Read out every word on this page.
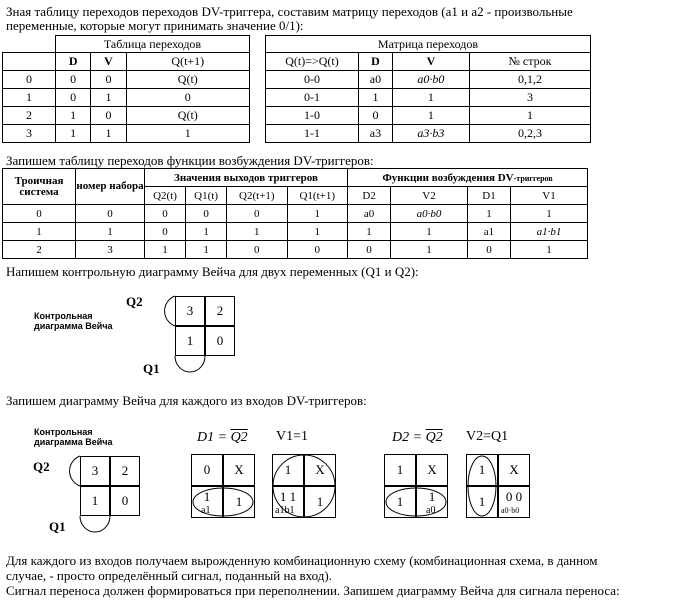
Зная таблицу переходов переходов DV-триггера, составим матрицу переходов (a1 и a2 - произвольные
переменные, которые могут принимать значение 0/1):
	Таблица переходов		
	D	V	Q(t+1)
0	0	0	Q(t)
1	0	1	0
2	1	0	Q(t)
3	1	1	1
Матрица переходов			
Q(t)=>Q(t)	D	V	№ строк
0-0	a0	a0·b0	0,1,2
0-1	1	1	3
1-0	0	1	1
1-1	a3	a3·b3	0,2,3
Запишем таблицу переходов функции возбуждения DV-триггеров:
Троичная система	номер набора	Значения выходов триггеров				Функции возбуждения DV-триггеров			
		Q2(t)	Q1(t)	Q2(t+1)	Q1(t+1)	D2	V2	D1	V1
0	0	0	0	0	1	a0	a0·b0	1	1
1	1	0	1	1	1	1	1	a1	a1·b1
2	3	1	1	0	0	0	1	0	1
Напишем контрольную диаграмму Вейча для двух переменных (Q1 и Q2):
Контрольная
диаграмма Вейча
Q2
Q1
3	2
1	0
Запишем диаграмму Вейча для каждого из входов DV-триггеров:
Контрольная
диаграмма Вейча
Q2
Q1
3	2
1	0
D1 = Q2
0	X
1	1
a1
V1=1
1	X
1 1	1
a1b1
D2 = Q2
1	X
1	1
a0
V2=Q1
1	X
1	0 0
a0·b0
Для каждого из входов получаем вырожденную комбинационную схему (комбинационная схема, в данном
случае, - просто определённый сигнал, поданный на вход).
Сигнал переноса должен формироваться при переполнении. Запишем диаграмму Вейча для сигнала переноса:
